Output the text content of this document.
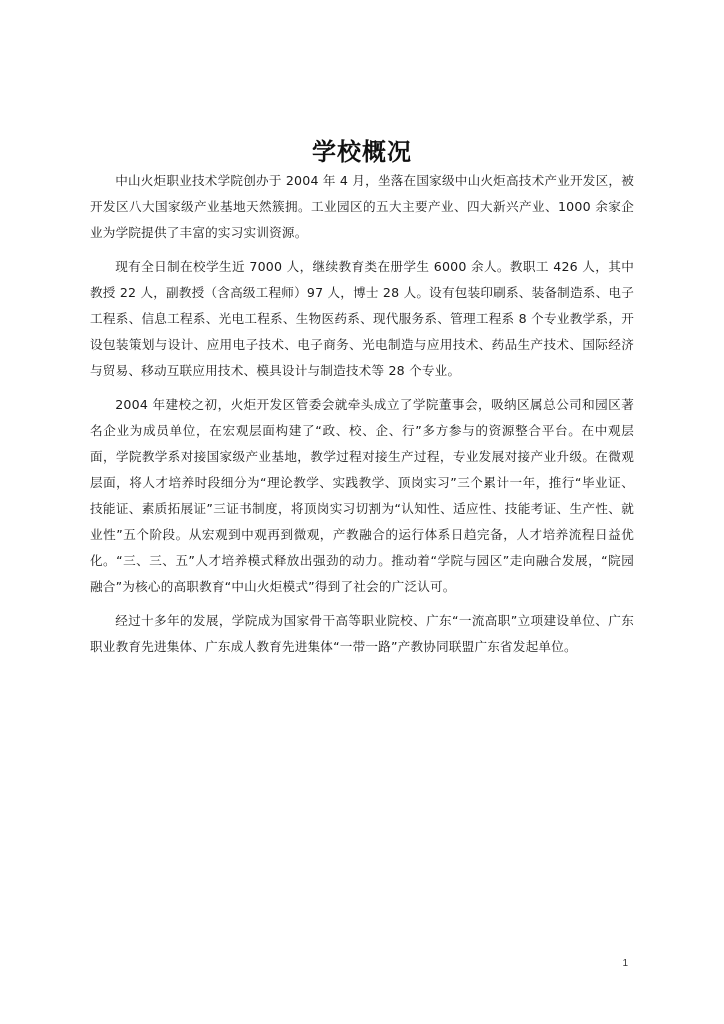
学校概况

中山火炬职业技术学院创办于 2004 年 4 月，坐落在国家级中山火炬高技术产业开发区，被开发区八大国家级产业基地天然簇拥。工业园区的五大主要产业、四大新兴产业、1000 余家企业为学院提供了丰富的实习实训资源。

现有全日制在校学生近 7000 人，继续教育类在册学生 6000 余人。教职工 426 人，其中教授 22 人，副教授（含高级工程师）97 人，博士 28 人。设有包装印刷系、装备制造系、电子工程系、信息工程系、光电工程系、生物医药系、现代服务系、管理工程系 8 个专业教学系，开设包装策划与设计、应用电子技术、电子商务、光电制造与应用技术、药品生产技术、国际经济与贸易、移动互联应用技术、模具设计与制造技术等 28 个专业。

2004 年建校之初，火炬开发区管委会就牵头成立了学院董事会，吸纳区属总公司和园区著名企业为成员单位，在宏观层面构建了“政、校、企、行”多方参与的资源整合平台。在中观层面，学院教学系对接国家级产业基地，教学过程对接生产过程，专业发展对接产业升级。在微观层面，将人才培养时段细分为“理论教学、实践教学、顶岗实习”三个累计一年，推行“毕业证、技能证、素质拓展证”三证书制度，将顶岗实习切割为“认知性、适应性、技能考证、生产性、就业性”五个阶段。从宏观到中观再到微观，产教融合的运行体系日趋完备，人才培养流程日益优化。“三、三、五”人才培养模式释放出强劲的动力。推动着“学院与园区”走向融合发展，“院园融合”为核心的高职教育“中山火炬模式”得到了社会的广泛认可。

经过十多年的发展，学院成为国家骨干高等职业院校、广东“一流高职”立项建设单位、广东职业教育先进集体、广东成人教育先进集体“一带一路”产教协同联盟广东省发起单位。

1
